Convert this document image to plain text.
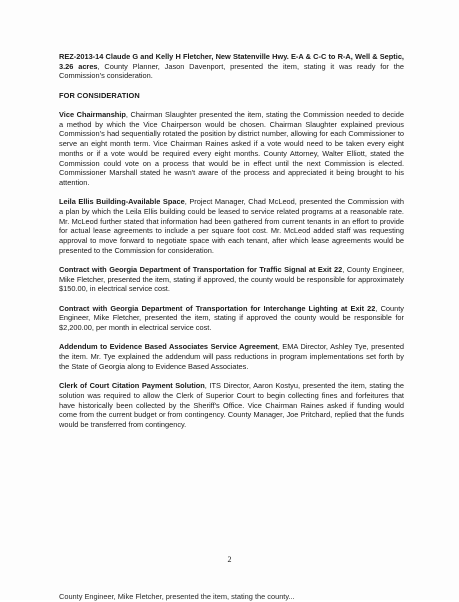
REZ-2013-14 Claude G and Kelly H Fletcher, New Statenville Hwy. E-A & C-C to R-A, Well & Septic, 3.26 acres, County Planner, Jason Davenport, presented the item, stating it was ready for the Commission's consideration.

FOR CONSIDERATION

Vice Chairmanship, Chairman Slaughter presented the item, stating the Commission needed to decide a method by which the Vice Chairperson would be chosen. Chairman Slaughter explained previous Commission's had sequentially rotated the position by district number, allowing for each Commissioner to serve an eight month term. Vice Chairman Raines asked if a vote would need to be taken every eight months or if a vote would be required every eight months. County Attorney, Walter Elliott, stated the Commission could vote on a process that would be in effect until the next Commission is elected. Commissioner Marshall stated he wasn't aware of the process and appreciated it being brought to his attention.

Leila Ellis Building-Available Space, Project Manager, Chad McLeod, presented the Commission with a plan by which the Leila Ellis building could be leased to service related programs at a reasonable rate. Mr. McLeod further stated that information had been gathered from current tenants in an effort to provide for actual lease agreements to include a per square foot cost. Mr. McLeod added staff was requesting approval to move forward to negotiate space with each tenant, after which lease agreements would be presented to the Commission for consideration.

Contract with Georgia Department of Transportation for Traffic Signal at Exit 22, County Engineer, Mike Fletcher, presented the item, stating if approved, the county would be responsible for approximately $150.00, in electrical service cost.

Contract with Georgia Department of Transportation for Interchange Lighting at Exit 22, County Engineer, Mike Fletcher, presented the item, stating if approved the county would be responsible for $2,200.00, per month in electrical service cost.

Addendum to Evidence Based Associates Service Agreement, EMA Director, Ashley Tye, presented the item. Mr. Tye explained the addendum will pass reductions in program implementations set forth by the State of Georgia along to Evidence Based Associates.

Clerk of Court Citation Payment Solution, ITS Director, Aaron Kostyu, presented the item, stating the solution was required to allow the Clerk of Superior Court to begin collecting fines and forfeitures that have historically been collected by the Sheriff's Office. Vice Chairman Raines asked if funding would come from the current budget or from contingency. County Manager, Joe Pritchard, replied that the funds would be transferred from contingency.

2
County Engineer, Mike Fletcher, presented the item, stating the county...
